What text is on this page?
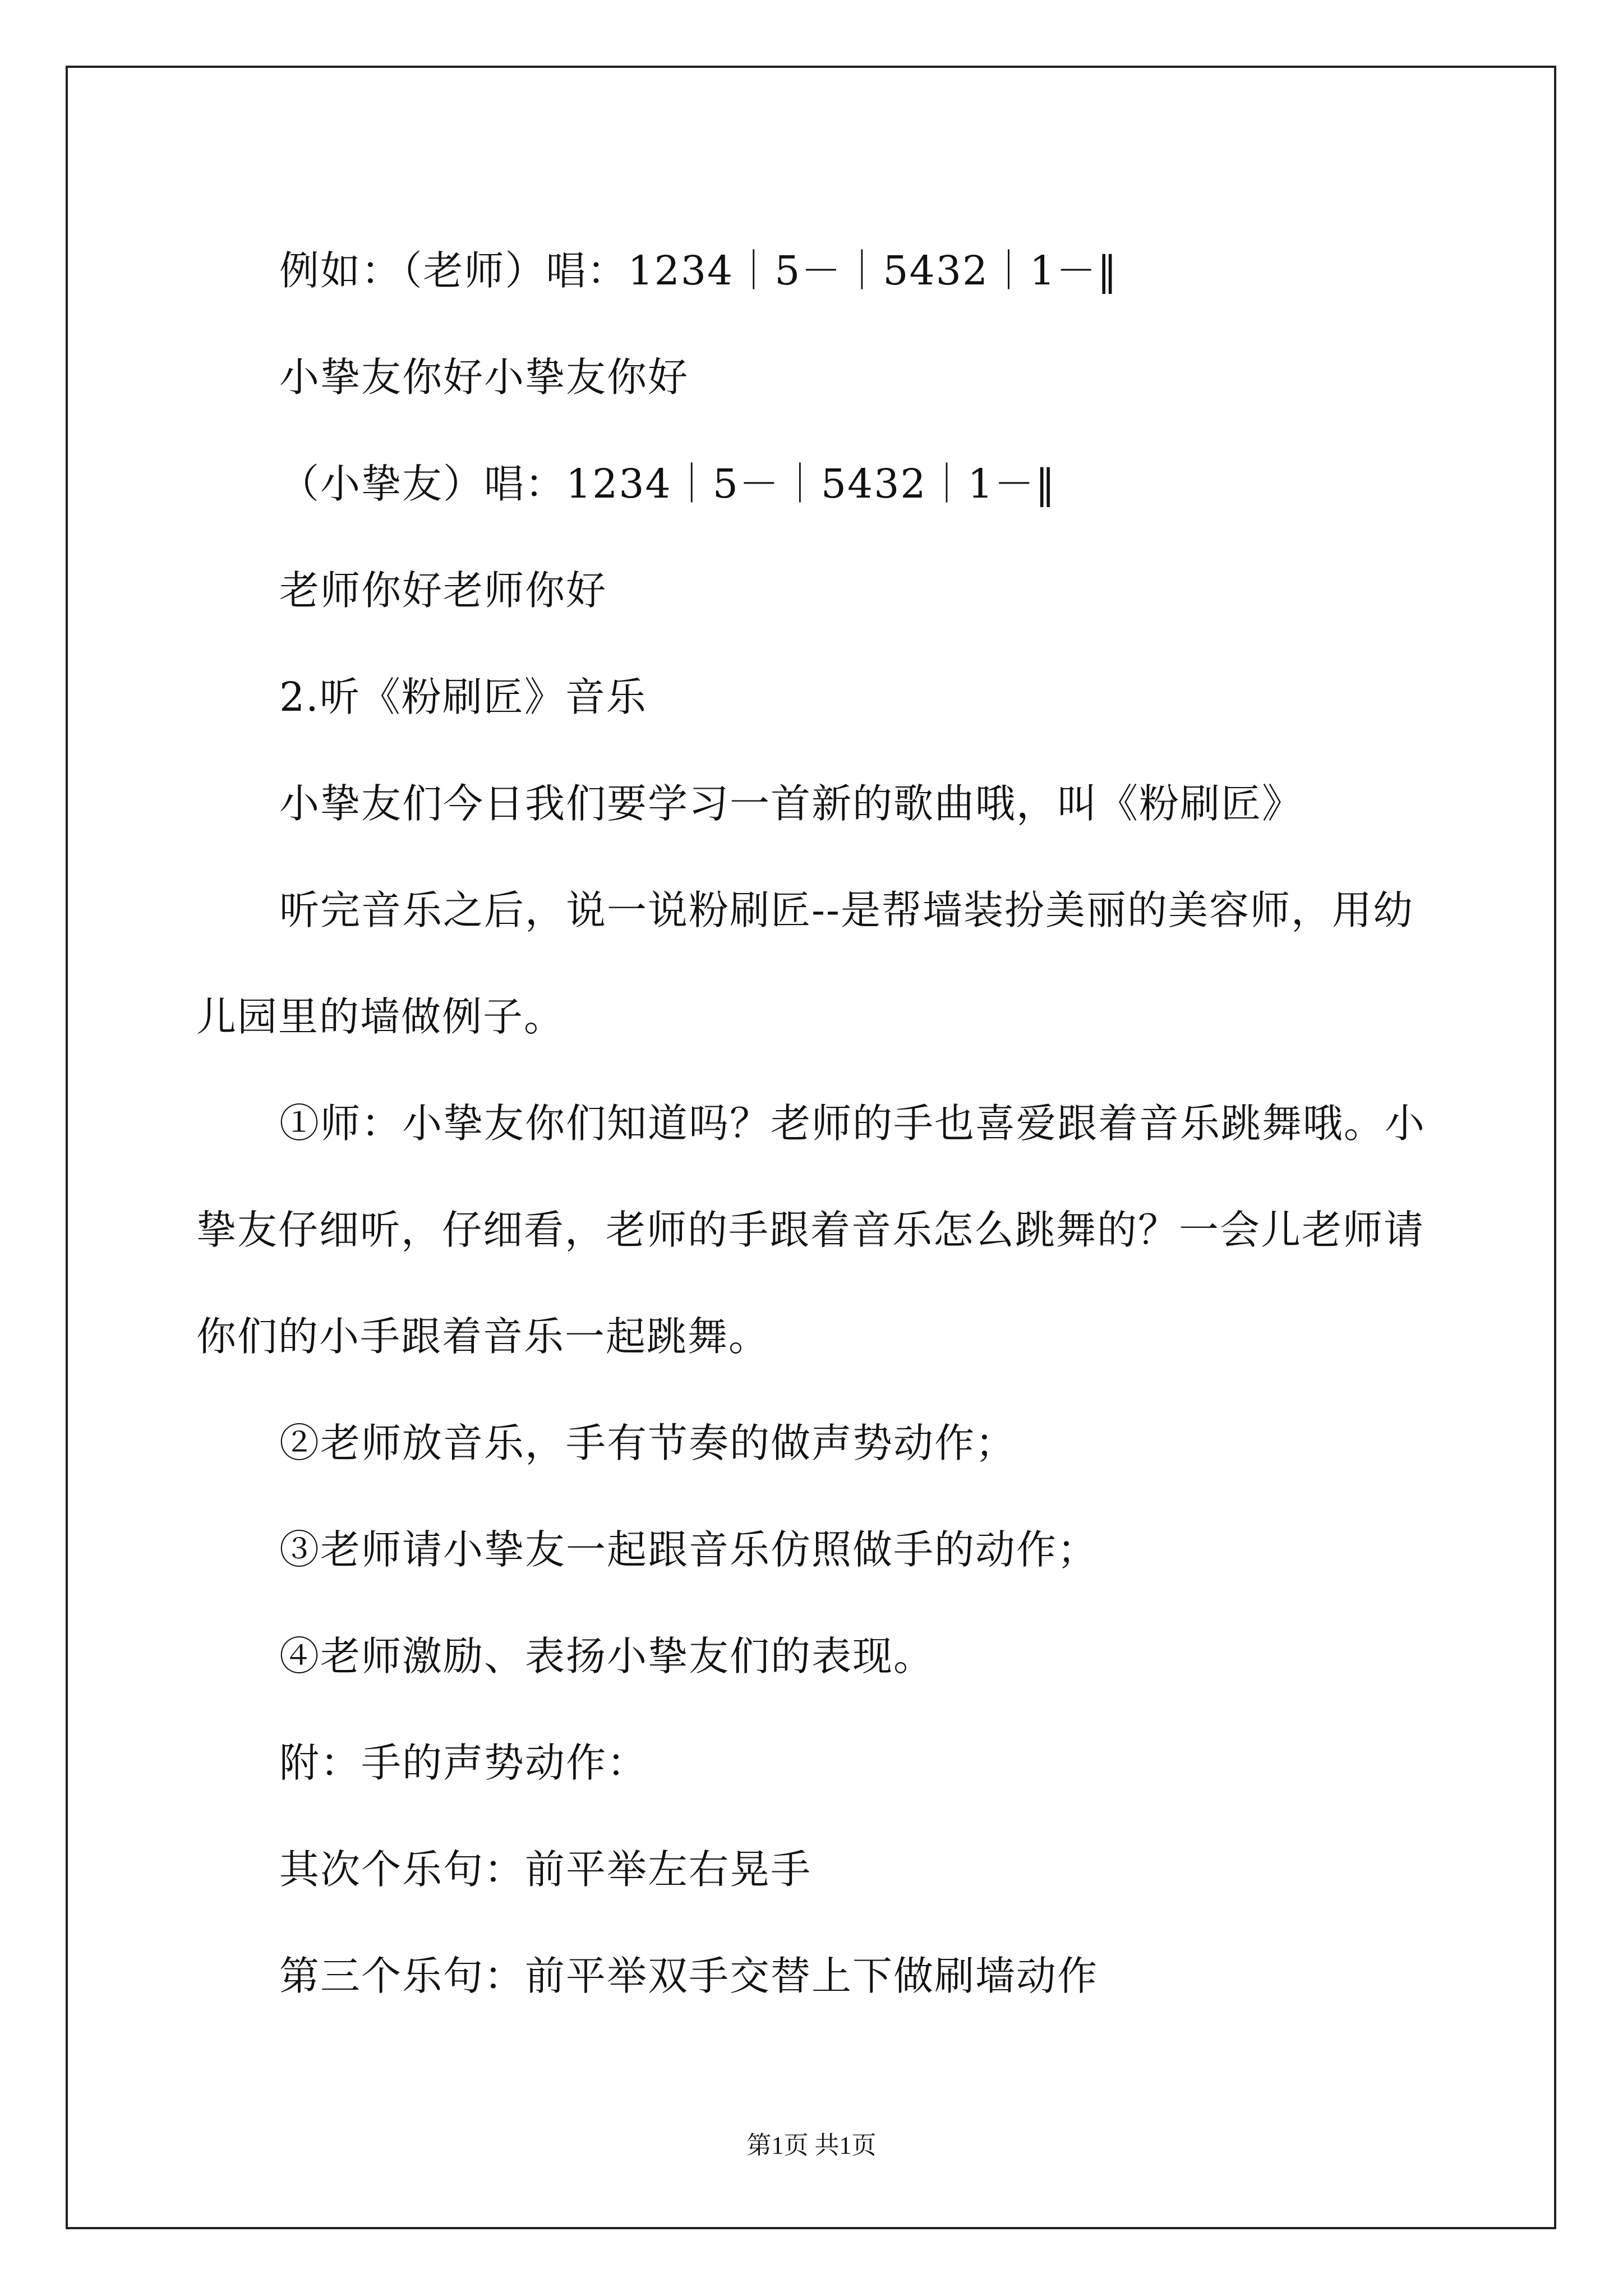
例如：（老师）唱：1234｜5－｜5432｜1－‖

小挚友你好小挚友你好

（小挚友）唱：1234｜5－｜5432｜1－‖

老师你好老师你好

2.听《粉刷匠》音乐

小挚友们今日我们要学习一首新的歌曲哦，叫《粉刷匠》

听完音乐之后，说一说粉刷匠--是帮墙装扮美丽的美容师，用幼儿园里的墙做例子。

①师：小挚友你们知道吗？老师的手也喜爱跟着音乐跳舞哦。小挚友仔细听，仔细看，老师的手跟着音乐怎么跳舞的？一会儿老师请你们的小手跟着音乐一起跳舞。

②老师放音乐，手有节奏的做声势动作；

③老师请小挚友一起跟音乐仿照做手的动作；

④老师激励、表扬小挚友们的表现。

附：手的声势动作：

其次个乐句：前平举左右晃手

第三个乐句：前平举双手交替上下做刷墙动作

第1页 共1页
